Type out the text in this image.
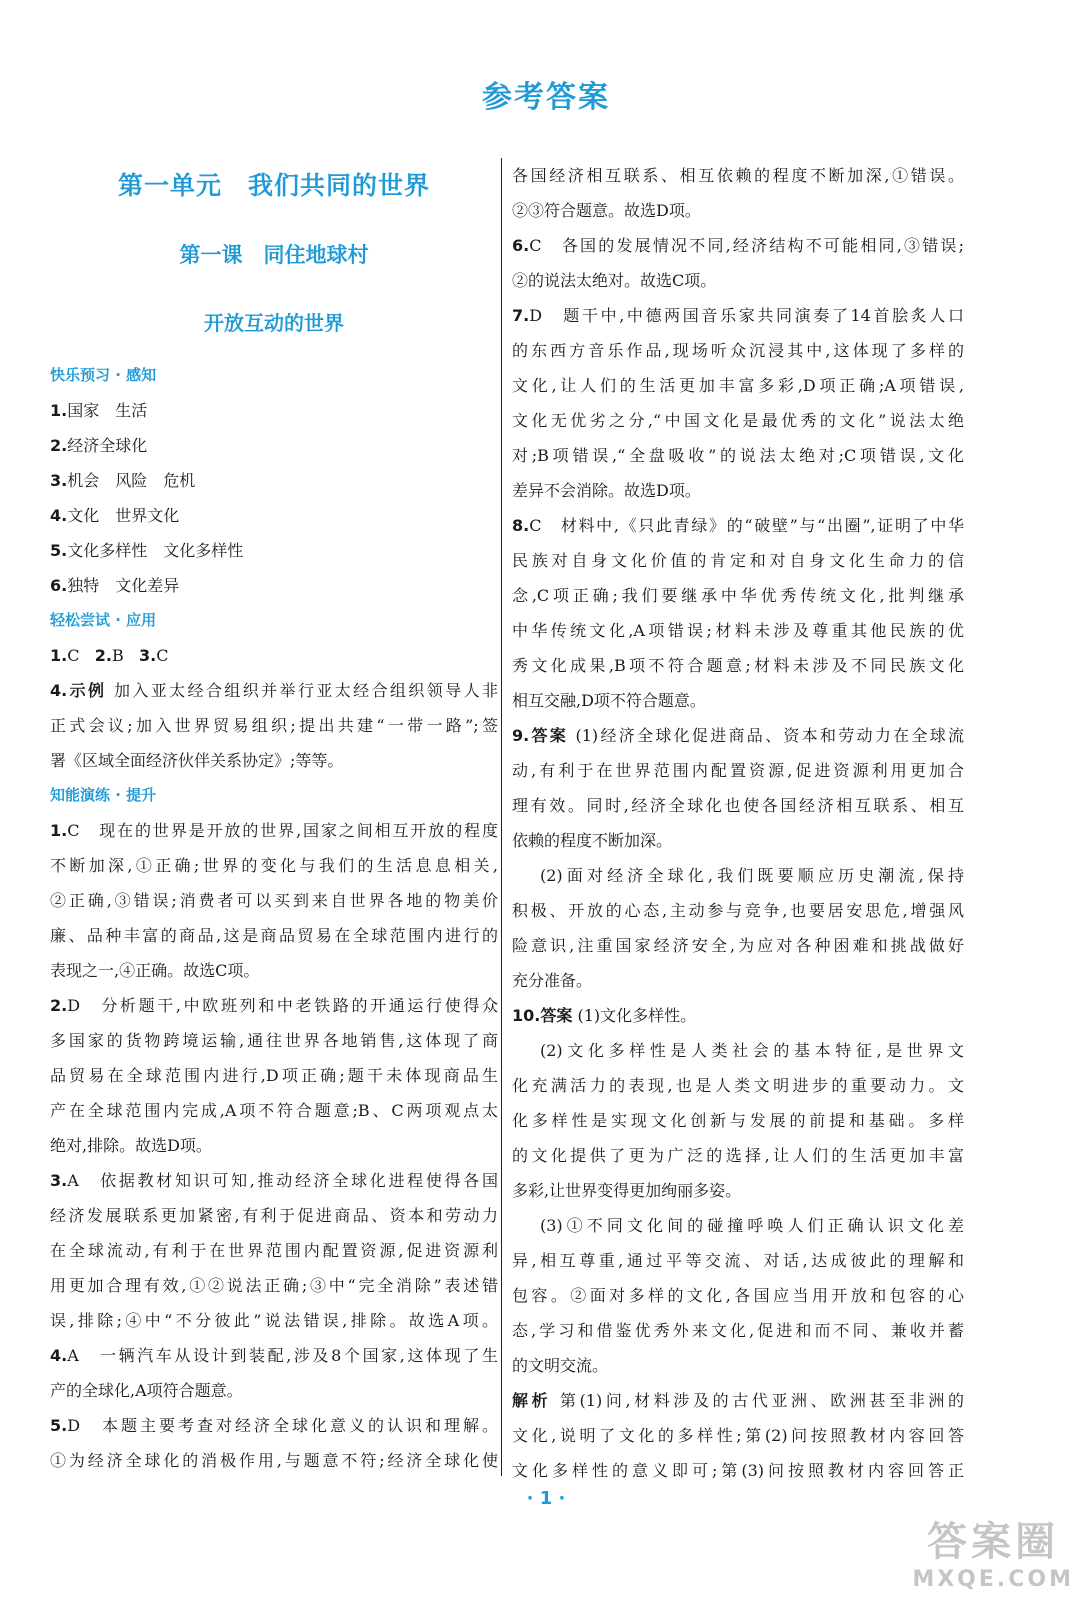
参考答案
第一单元　我们共同的世界
第一课　同住地球村
开放互动的世界
快乐预习 · 感知
1.国家　生活
2.经济全球化
3.机会　风险　危机
4.文化　世界文化
5.文化多样性　文化多样性
6.独特　文化差异
轻松尝试 · 应用
1.C 2.B 3.C
4.示例 加入亚太经合组织并举行亚太经合组织领导人非
正式会议;加入世界贸易组织;提出共建“一带一路”;签
署《区域全面经济伙伴关系协定》;等等。
知能演练 · 提升
1.C　现在的世界是开放的世界,国家之间相互开放的程度
不断加深,①正确;世界的变化与我们的生活息息相关,
②正确,③错误;消费者可以买到来自世界各地的物美价
廉、品种丰富的商品,这是商品贸易在全球范围内进行的
表现之一,④正确。故选C项。
2.D　分析题干,中欧班列和中老铁路的开通运行使得众
多国家的货物跨境运输,通往世界各地销售,这体现了商
品贸易在全球范围内进行,D项正确;题干未体现商品生
产在全球范围内完成,A项不符合题意;B、C两项观点太
绝对,排除。故选D项。
3.A　依据教材知识可知,推动经济全球化进程使得各国
经济发展联系更加紧密,有利于促进商品、资本和劳动力
在全球流动,有利于在世界范围内配置资源,促进资源利
用更加合理有效,①②说法正确;③中“完全消除”表述错
误,排除;④中“不分彼此”说法错误,排除。故选A项。
4.A　一辆汽车从设计到装配,涉及8个国家,这体现了生
产的全球化,A项符合题意。
5.D　本题主要考查对经济全球化意义的认识和理解。
①为经济全球化的消极作用,与题意不符;经济全球化使
各国经济相互联系、相互依赖的程度不断加深,①错误。
②③符合题意。故选D项。
6.C　各国的发展情况不同,经济结构不可能相同,③错误;
②的说法太绝对。故选C项。
7.D　题干中,中德两国音乐家共同演奏了14首脍炙人口
的东西方音乐作品,现场听众沉浸其中,这体现了多样的
文化,让人们的生活更加丰富多彩,D项正确;A项错误,
文化无优劣之分,“中国文化是最优秀的文化”说法太绝
对;B项错误,“全盘吸收”的说法太绝对;C项错误,文化
差异不会消除。故选D项。
8.C　材料中,《只此青绿》的“破壁”与“出圈”,证明了中华
民族对自身文化价值的肯定和对自身文化生命力的信
念,C项正确;我们要继承中华优秀传统文化,批判继承
中华传统文化,A项错误;材料未涉及尊重其他民族的优
秀文化成果,B项不符合题意;材料未涉及不同民族文化
相互交融,D项不符合题意。
9.答案 (1)经济全球化促进商品、资本和劳动力在全球流
动,有利于在世界范围内配置资源,促进资源利用更加合
理有效。同时,经济全球化也使各国经济相互联系、相互
依赖的程度不断加深。
(2)面对经济全球化,我们既要顺应历史潮流,保持
积极、开放的心态,主动参与竞争,也要居安思危,增强风
险意识,注重国家经济安全,为应对各种困难和挑战做好
充分准备。
10.答案 (1)文化多样性。
(2)文化多样性是人类社会的基本特征,是世界文
化充满活力的表现,也是人类文明进步的重要动力。文
化多样性是实现文化创新与发展的前提和基础。多样
的文化提供了更为广泛的选择,让人们的生活更加丰富
多彩,让世界变得更加绚丽多姿。
(3)①不同文化间的碰撞呼唤人们正确认识文化差
异,相互尊重,通过平等交流、对话,达成彼此的理解和
包容。②面对多样的文化,各国应当用开放和包容的心
态,学习和借鉴优秀外来文化,促进和而不同、兼收并蓄
的文明交流。
解析 第(1)问,材料涉及的古代亚洲、欧洲甚至非洲的
文化,说明了文化的多样性;第(2)问按照教材内容回答
文化多样性的意义即可;第(3)问按照教材内容回答正
· 1 ·
答案圈
MXQE.COM
